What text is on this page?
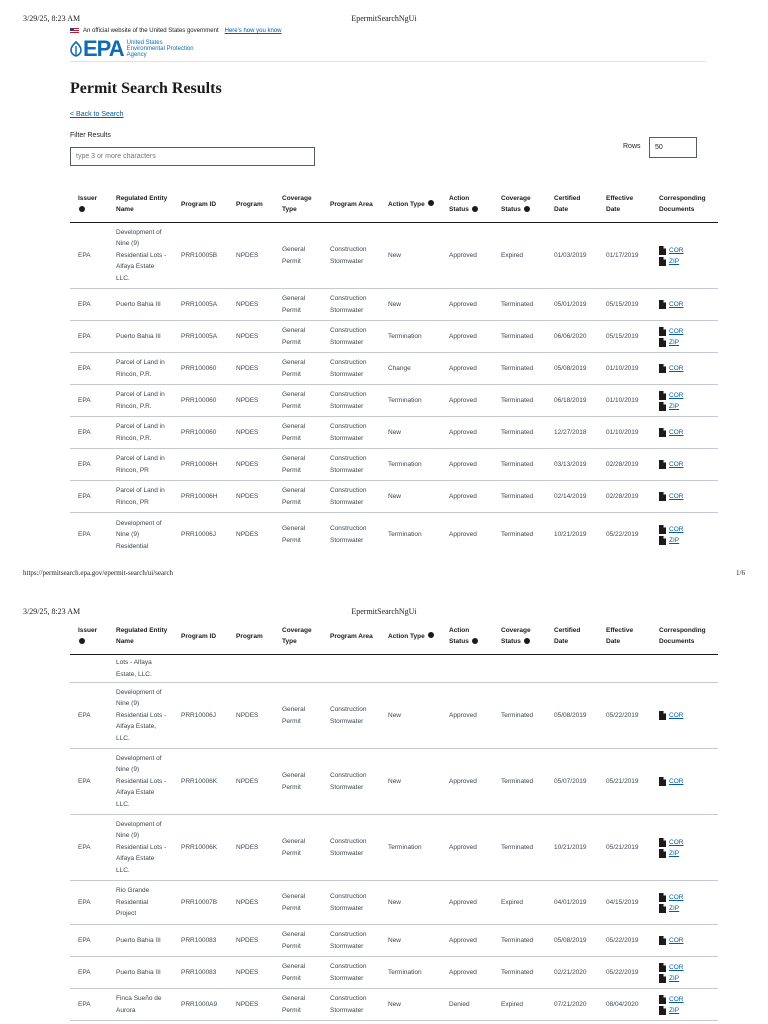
3/29/25, 8:23 AM	EpermitSearchNgUi
An official website of the United States government Here's how you know
EPA United States
Environmental Protection
Agency
Permit Search Results
< Back to Search
Filter Results
type 3 or more characters
Rows
50
Issuer	Regulated Entity Name	Program ID	Program	Coverage Type	Program Area	Action Type	Action Status	Coverage Status	Certified Date	Effective Date	Corresponding Documents
EPA	Development of Nine (9) Residential Lots - Alfaya Estate LLC.	PRR10005B	NPDES	General Permit	Construction Stormwater	New	Approved	Expired	01/03/2019	01/17/2019	COR
ZIP

EPA	Puerto Bahia III	PRR10005A	NPDES	General Permit	Construction Stormwater	New	Approved	Terminated	05/01/2019	05/15/2019	COR

EPA	Puerto Bahia III	PRR10005A	NPDES	General Permit	Construction Stormwater	Termination	Approved	Terminated	06/06/2020	05/15/2019	COR
ZIP

EPA	Parcel of Land in Rincón, P.R.	PRR100060	NPDES	General Permit	Construction Stormwater	Change	Approved	Terminated	05/08/2019	01/10/2019	COR

EPA	Parcel of Land in Rincón, P.R.	PRR100060	NPDES	General Permit	Construction Stormwater	Termination	Approved	Terminated	06/18/2019	01/10/2019	COR
ZIP

EPA	Parcel of Land in Rincón, P.R.	PRR100060	NPDES	General Permit	Construction Stormwater	New	Approved	Terminated	12/27/2018	01/10/2019	COR

EPA	Parcel of Land in Rincon, PR	PRR10006H	NPDES	General Permit	Construction Stormwater	Termination	Approved	Terminated	03/13/2019	02/28/2019	COR

EPA	Parcel of Land in Rincon, PR	PRR10006H	NPDES	General Permit	Construction Stormwater	New	Approved	Terminated	02/14/2019	02/28/2019	COR

EPA	Development of Nine (9) Residential	PRR10006J	NPDES	General Permit	Construction Stormwater	Termination	Approved	Terminated	10/21/2019	05/22/2019	COR
ZIP
https://permitsearch.epa.gov/epermit-search/ui/search	1/6
3/29/25, 8:23 AM	EpermitSearchNgUi
Issuer	Regulated Entity Name	Program ID	Program	Coverage Type	Program Area	Action Type	Action Status	Coverage Status	Certified Date	Effective Date	Corresponding Documents
	Lots - Alfaya Estate, LLC.										
EPA	Development of Nine (9) Residential Lots - Alfaya Estate, LLC.	PRR10006J	NPDES	General Permit	Construction Stormwater	New	Approved	Terminated	05/08/2019	05/22/2019	COR

EPA	Development of Nine (9) Residential Lots - Alfaya Estate LLC.	PRR10006K	NPDES	General Permit	Construction Stormwater	New	Approved	Terminated	05/07/2019	05/21/2019	COR

EPA	Development of Nine (9) Residential Lots - Alfaya Estate LLC.	PRR10006K	NPDES	General Permit	Construction Stormwater	Termination	Approved	Terminated	10/21/2019	05/21/2019	COR
ZIP

EPA	Rio Grande Residential Project	PRR10007B	NPDES	General Permit	Construction Stormwater	New	Approved	Expired	04/01/2019	04/15/2019	COR
ZIP

EPA	Puerto Bahia III	PRR100083	NPDES	General Permit	Construction Stormwater	New	Approved	Terminated	05/08/2019	05/22/2019	COR

EPA	Puerto Bahia III	PRR100083	NPDES	General Permit	Construction Stormwater	Termination	Approved	Terminated	02/21/2020	05/22/2019	COR
ZIP

EPA	Finca Sueño de Aurora	PRR1000A9	NPDES	General Permit	Construction Stormwater	New	Denied	Expired	07/21/2020	08/04/2020	COR
ZIP
